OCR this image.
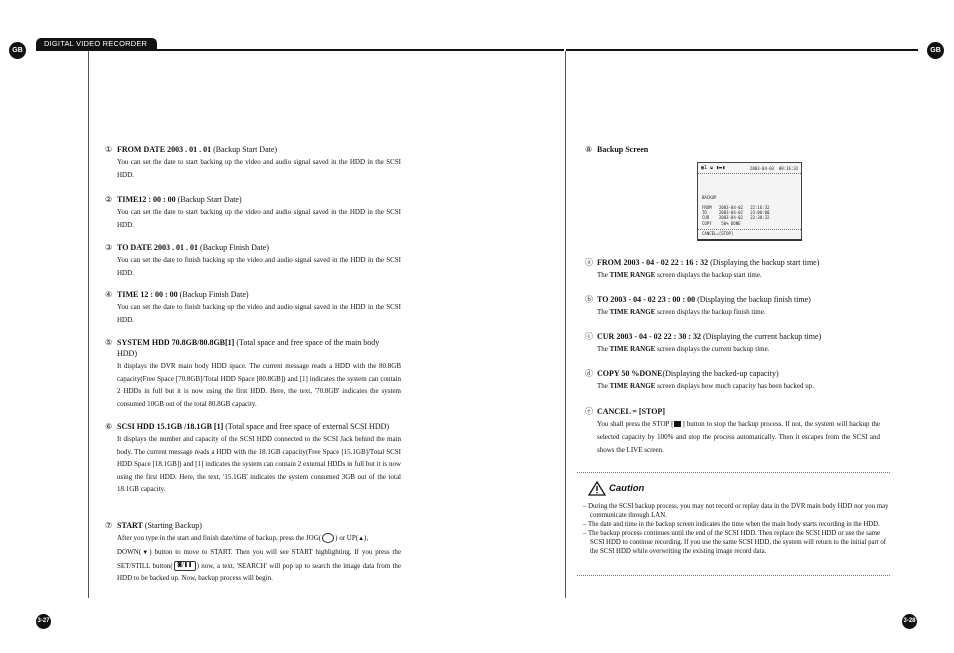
GB
DIGITAL VIDEO RECORDER
GB
① FROM DATE 2003 . 01 . 01 (Backup Start Date)
You can set the date to start backing up the video and audio signal saved in the HDD in the SCSI HDD.
② TIME12 : 00 : 00 (Backup Start Date)
You can set the date to start backing up the video and audio signal saved in the HDD in the SCSI HDD.
③ TO DATE 2003 . 01 . 01 (Backup Finish Date)
You can set the date to finish backing up the video and audio signal saved in the HDD in the SCSI HDD.
④ TIME 12 : 00 : 00 (Backup Finish Date)
You can set the date to finish backing up the video and audio signal saved in the HDD in the SCSI HDD.
⑤ SYSTEM HDD 70.8GB/80.8GB[1] (Total space and free space of the main body HDD)
It displays the DVR main body HDD space. The current message reads a HDD with the 80.8GB capacity(Free Space [70.8GB]/Total HDD Space [80.8GB]) and [1] indicates the system can contain 2 HDDs in full but it is now using the first HDD. Here, the text, '70.8GB' indicates the system consumed 10GB out of the total 80.8GB capacity.
⑥ SCSI HDD 15.1GB /18.1GB [1] (Total space and free space of external SCSI HDD)
It displays the number and capacity of the SCSI HDD connected to the SCSI Jack behind the main body. The current message reads a HDD with the 18.1GB capacity(Free Space [15.1GB]/Total SCSI HDD Space [18.1GB]) and [1] indicates the system can contain 2 external HDDs in full but it is now using the first HDD. Here, the text, '15.1GB' indicates the system consumed 3GB out of the total 18.1GB capacity.
⑦ START (Starting Backup)
After you type in the start and finish date/time of backup, press the JOG( ) or UP(▲),
DOWN(▼) button to move to START. Then you will see START highlighting. If you press the SET/STILL button( ◙/❚❚ ) now, a text, 'SEARCH' will pop up to search the image data from the HDD to be backed up. Now, backup process will begin.
⑧ Backup Screen
▣1 ◒ ▮▬▮	2003-04-03  09:16:32
BACKUP
FROM 2003-04-02 22:16:32
TO	2003-04-02 23:00:00
CUR 2003-04-02 22:30:32
COPY    50% DONE
CANCEL=[STOP]
ⓐ FROM 2003 - 04 - 02 22 : 16 : 32 (Displaying the backup start time)
The TIME RANGE screen displays the backup start time.
ⓑ TO 2003 - 04 - 02 23 : 00 : 00 (Displaying the backup finish time)
The TIME RANGE screen displays the backup finish time.
ⓒ CUR 2003 - 04 - 02 22 : 30 : 32 (Displaying the current backup time)
The TIME RANGE screen displays the current backup time.
ⓓ COPY 50 %DONE(Displaying the backed-up capacity)
The TIME RANGE screen displays how much capacity has been backed up.
ⓔ CANCEL = [STOP]
You shall press the STOP [ ] button to stop the backup process. If not, the system will backup the selected capacity by 100% and stop the process automatically. Then it escapes from the SCSI and shows the LIVE screen.
Caution
– During the SCSI backup process, you may not record or replay data in the DVR main body HDD nor you may communicate through LAN.
– The date and time in the backup screen indicates the time when the main body starts recording in the HDD.
– The backup process continues until the end of the SCSI HDD. Then replace the SCSI HDD or use the same SCSI HDD to continue recording. If you use the same SCSI HDD, the system will return to the initial part of the SCSI HDD while overwriting the existing image record data.
3-27	3-28
